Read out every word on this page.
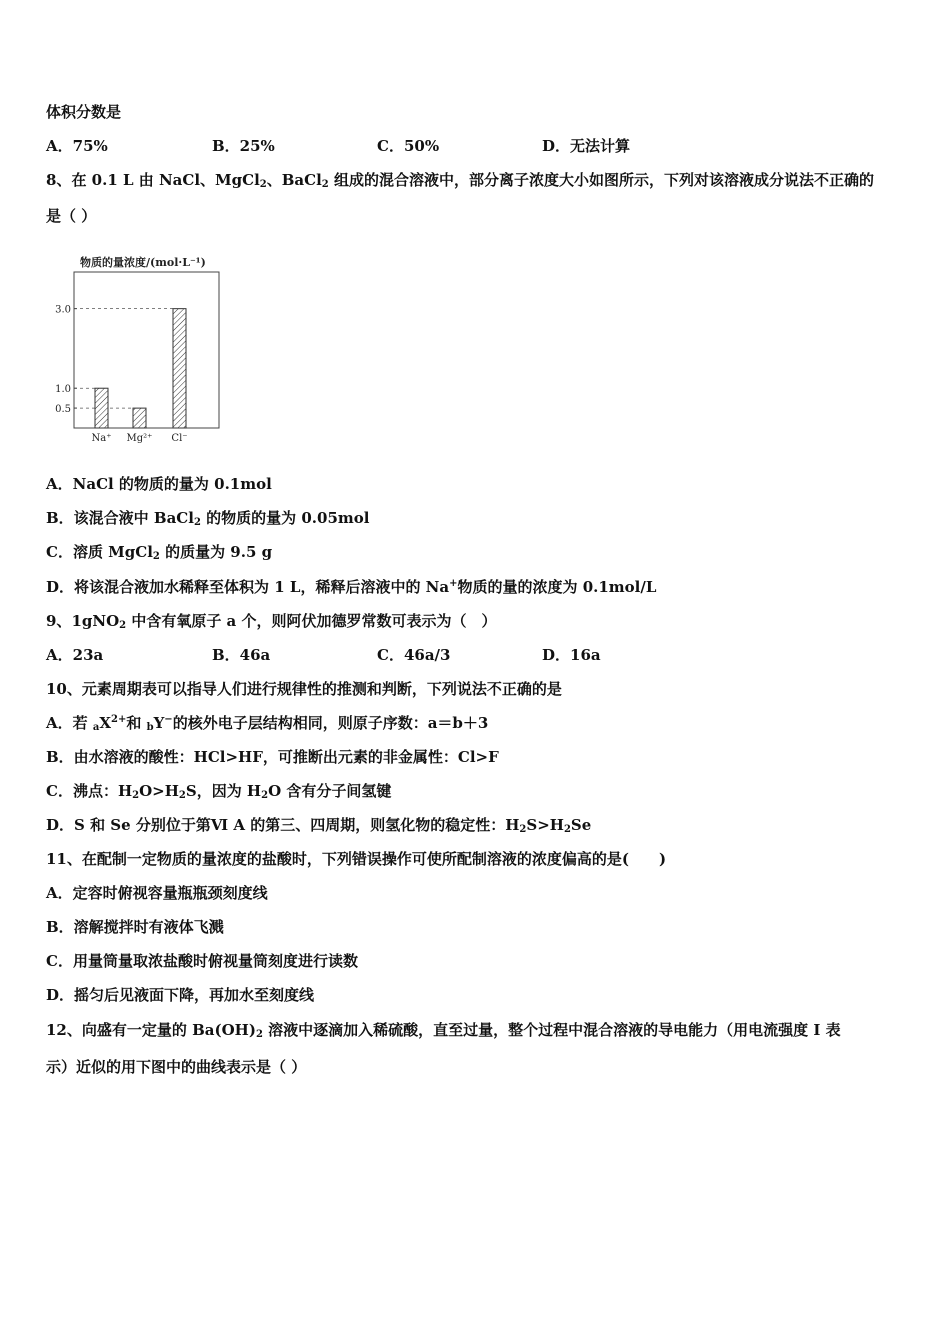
体积分数是
A．75%	B．25%	C．50%	D．无法计算
8、在 0.1 L 由 NaCl、MgCl$_2$、BaCl$_2$ 组成的混合溶液中，部分离子浓度大小如图所示，下列对该溶液成分说法不正确的
是（ ）
物质的量浓度/(mol·L⁻¹)
3.0
1.0
0.5
Na⁺ Mg²⁺ Cl⁻
A．NaCl 的物质的量为 0.1mol
B．该混合液中 BaCl$_2$ 的物质的量为 0.05mol
C．溶质 MgCl$_2$ 的质量为 9.5 g
D．将该混合液加水稀释至体积为 1 L，稀释后溶液中的 Na+物质的量的浓度为 0.1mol/L
9、1gNO$_2$ 中含有氧原子 a 个，则阿伏加德罗常数可表示为（　）
A．23a	B．46a	C．46a/3	D．16a
10、元素周期表可以指导人们进行规律性的推测和判断，下列说法不正确的是
A．若 $_aX^{2+}$和 $_b$Y−的核外电子层结构相同，则原子序数：a＝b＋3
B．由水溶液的酸性：HCl>HF，可推断出元素的非金属性：Cl>F
C．沸点：$H_2O>H_2S$，因为 $H_2O$ 含有分子间氢键
D．S 和 Se 分别位于第Ⅵ A 的第三、四周期，则氢化物的稳定性：$H_2S>H_2Se$
11、在配制一定物质的量浓度的盐酸时，下列错误操作可使所配制溶液的浓度偏高的是(　　)
A．定容时俯视容量瓶瓶颈刻度线
B．溶解搅拌时有液体飞溅
C．用量筒量取浓盐酸时俯视量筒刻度进行读数
D．摇匀后见液面下降，再加水至刻度线
12、向盛有一定量的 $Ba(OH)_2$ 溶液中逐滴加入稀硫酸，直至过量，整个过程中混合溶液的导电能力（用电流强度 I 表
示）近似的用下图中的曲线表示是（ ）
